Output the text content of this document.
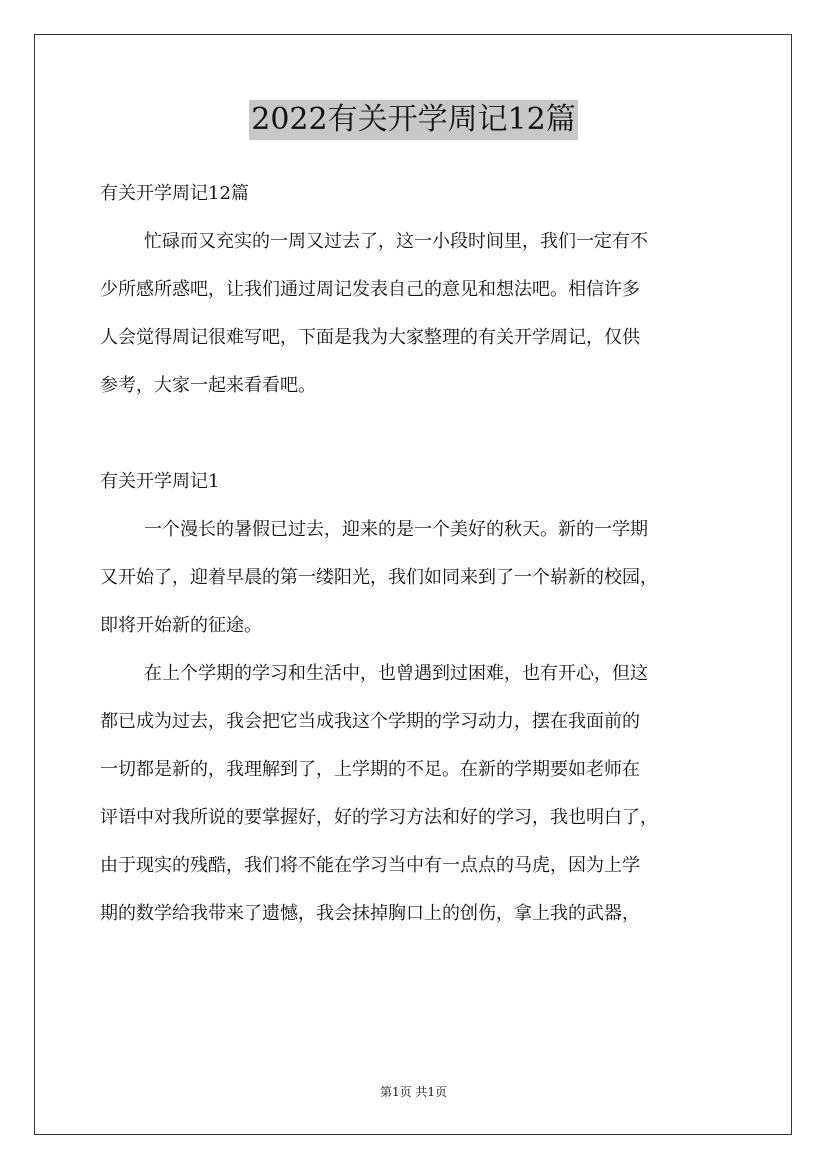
2022有关开学周记12篇
有关开学周记12篇
忙碌而又充实的一周又过去了，这一小段时间里，我们一定有不
少所感所惑吧，让我们通过周记发表自己的意见和想法吧。相信许多
人会觉得周记很难写吧，下面是我为大家整理的有关开学周记，仅供
参考，大家一起来看看吧。
有关开学周记1
一个漫长的暑假已过去，迎来的是一个美好的秋天。新的一学期
又开始了，迎着早晨的第一缕阳光，我们如同来到了一个崭新的校园，
即将开始新的征途。
在上个学期的学习和生活中，也曾遇到过困难，也有开心，但这
都已成为过去，我会把它当成我这个学期的学习动力，摆在我面前的
一切都是新的，我理解到了，上学期的不足。在新的学期要如老师在
评语中对我所说的要掌握好，好的学习方法和好的学习，我也明白了，
由于现实的残酷，我们将不能在学习当中有一点点的马虎，因为上学
期的数学给我带来了遗憾，我会抹掉胸口上的创伤，拿上我的武器，
第1页 共1页
